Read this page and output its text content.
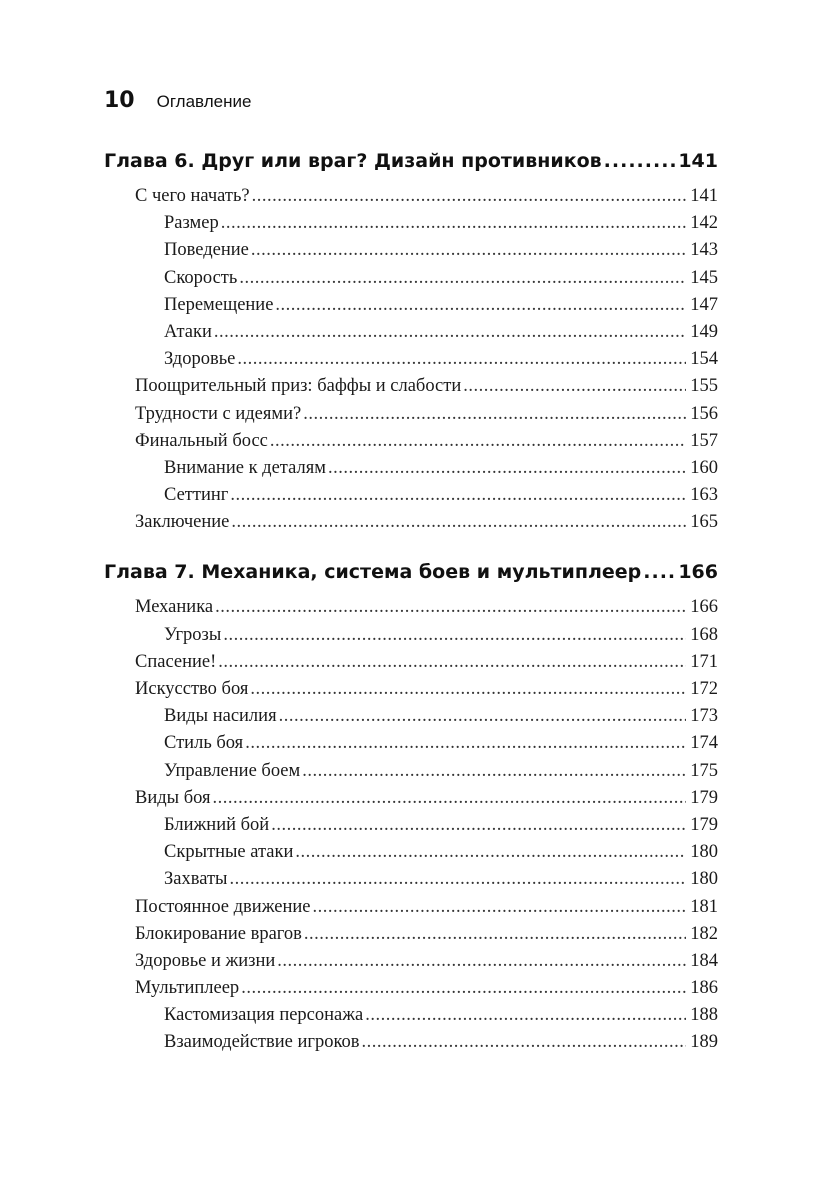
10 Оглавление
Глава 6. Друг или враг? Дизайн противников .....	141
С чего начать? .....	141
Размер .....	142
Поведение .....	143
Скорость .....	145
Перемещение .....	147
Атаки .....	149
Здоровье .....	154
Поощрительный приз: баффы и слабости .....	155
Трудности с идеями? .....	156
Финальный босс .....	157
Внимание к деталям .....	160
Сеттинг .....	163
Заключение .....	165
Глава 7. Механика, система боев и мультиплеер ..... 166
Механика .....	166
Угрозы .....	168
Спасение! .....	171
Искусство боя .....	172
Виды насилия .....	173
Стиль боя .....	174
Управление боем .....	175
Виды боя .....	179
Ближний бой .....	179
Скрытные атаки .....	180
Захваты .....	180
Постоянное движение .....	181
Блокирование врагов .....	182
Здоровье и жизни .....	184
Мультиплеер .....	186
Кастомизация персонажа .....	188
Взаимодействие игроков .....	189
